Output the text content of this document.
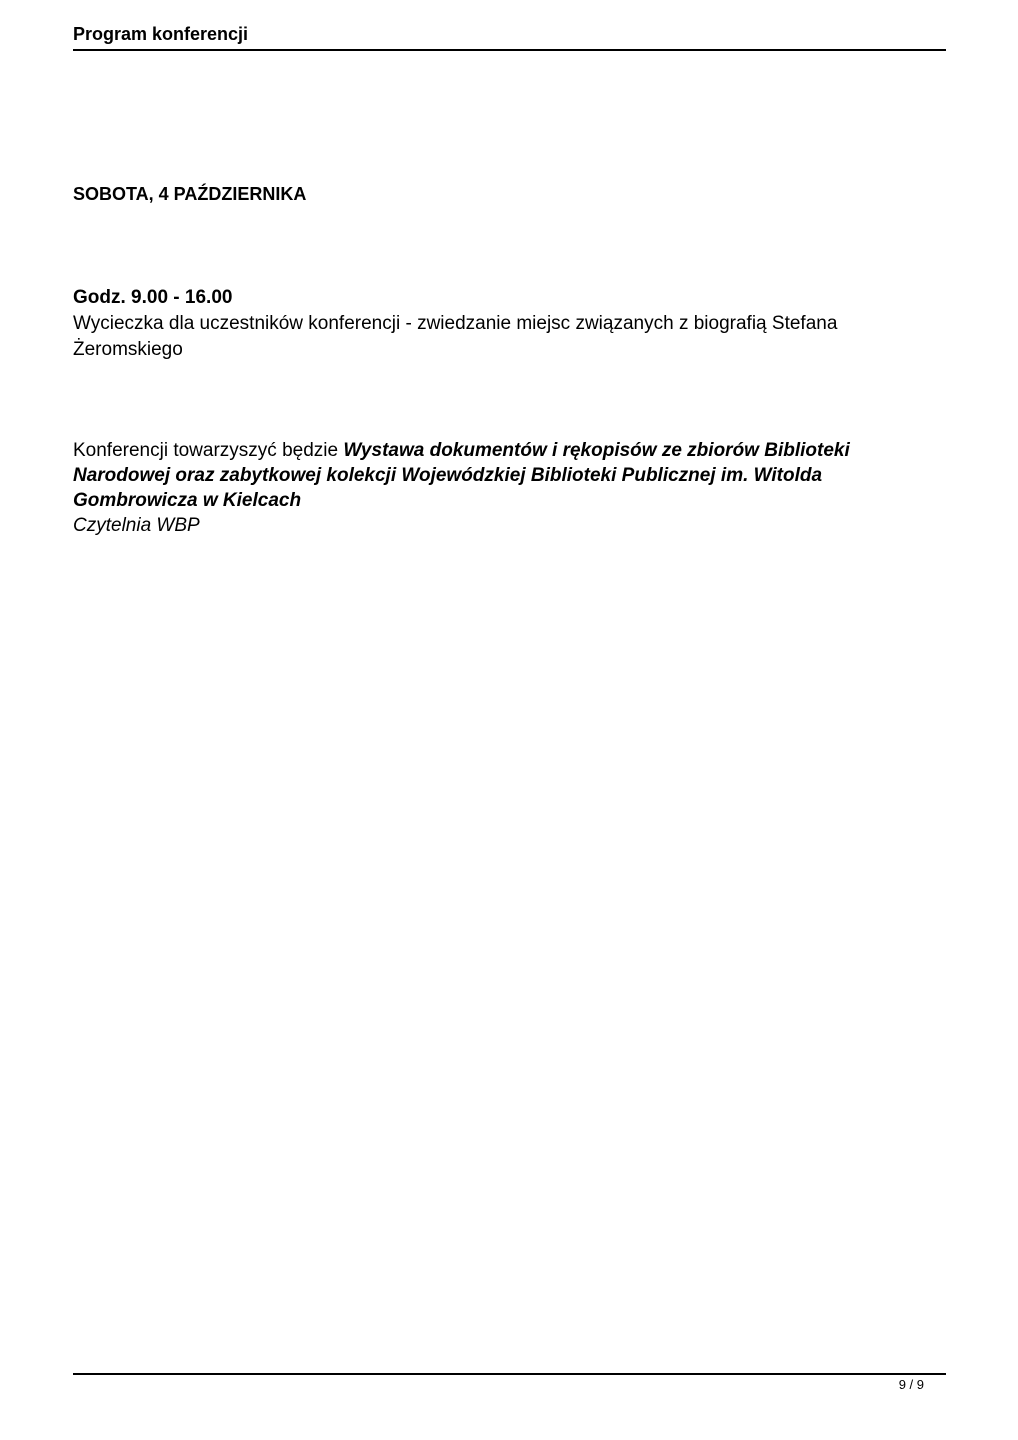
Program konferencji
SOBOTA, 4 PAŹDZIERNIKA
Godz. 9.00 - 16.00
Wycieczka dla uczestników konferencji - zwiedzanie miejsc związanych z biografią Stefana Żeromskiego
Konferencji towarzyszyć będzie Wystawa dokumentów i rękopisów ze zbiorów Biblioteki Narodowej oraz zabytkowej kolekcji Wojewódzkiej Biblioteki Publicznej im. Witolda Gombrowicza w Kielcach
Czytelnia WBP
9 / 9
